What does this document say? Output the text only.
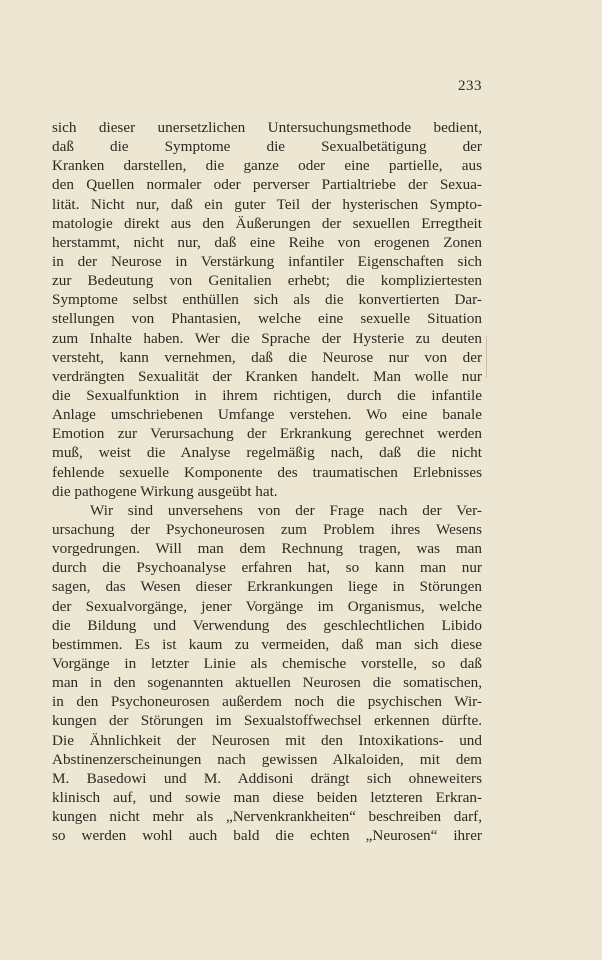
233
sich dieser unersetzlichen Untersuchungsmethode bedient,
daß die Symptome die Sexualbetätigung der
Kranken darstellen, die ganze oder eine partielle, aus
den Quellen normaler oder perverser Partialtriebe der Sexua-
lität. Nicht nur, daß ein guter Teil der hysterischen Sympto-
matologie direkt aus den Äußerungen der sexuellen Erregtheit
herstammt, nicht nur, daß eine Reihe von erogenen Zonen
in der Neurose in Verstärkung infantiler Eigenschaften sich
zur Bedeutung von Genitalien erhebt; die kompliziertesten
Symptome selbst enthüllen sich als die konvertierten Dar-
stellungen von Phantasien, welche eine sexuelle Situation
zum Inhalte haben. Wer die Sprache der Hysterie zu deuten
versteht, kann vernehmen, daß die Neurose nur von der
verdrängten Sexualität der Kranken handelt. Man wolle nur
die Sexualfunktion in ihrem richtigen, durch die infantile
Anlage umschriebenen Umfange verstehen. Wo eine banale
Emotion zur Verursachung der Erkrankung gerechnet werden
muß, weist die Analyse regelmäßig nach, daß die nicht
fehlende sexuelle Komponente des traumatischen Erlebnisses
die pathogene Wirkung ausgeübt hat.
Wir sind unversehens von der Frage nach der Ver-
ursachung der Psychoneurosen zum Problem ihres Wesens
vorgedrungen. Will man dem Rechnung tragen, was man
durch die Psychoanalyse erfahren hat, so kann man nur
sagen, das Wesen dieser Erkrankungen liege in Störungen
der Sexualvorgänge, jener Vorgänge im Organismus, welche
die Bildung und Verwendung des geschlechtlichen Libido
bestimmen. Es ist kaum zu vermeiden, daß man sich diese
Vorgänge in letzter Linie als chemische vorstelle, so daß
man in den sogenannten aktuellen Neurosen die somatischen,
in den Psychoneurosen außerdem noch die psychischen Wir-
kungen der Störungen im Sexualstoffwechsel erkennen dürfte.
Die Ähnlichkeit der Neurosen mit den Intoxikations- und
Abstinenzerscheinungen nach gewissen Alkaloiden, mit dem
M. Basedowi und M. Addisoni drängt sich ohneweiters
klinisch auf, und sowie man diese beiden letzteren Erkran-
kungen nicht mehr als „Nervenkrankheiten“ beschreiben darf,
so werden wohl auch bald die echten „Neurosen“ ihrer
